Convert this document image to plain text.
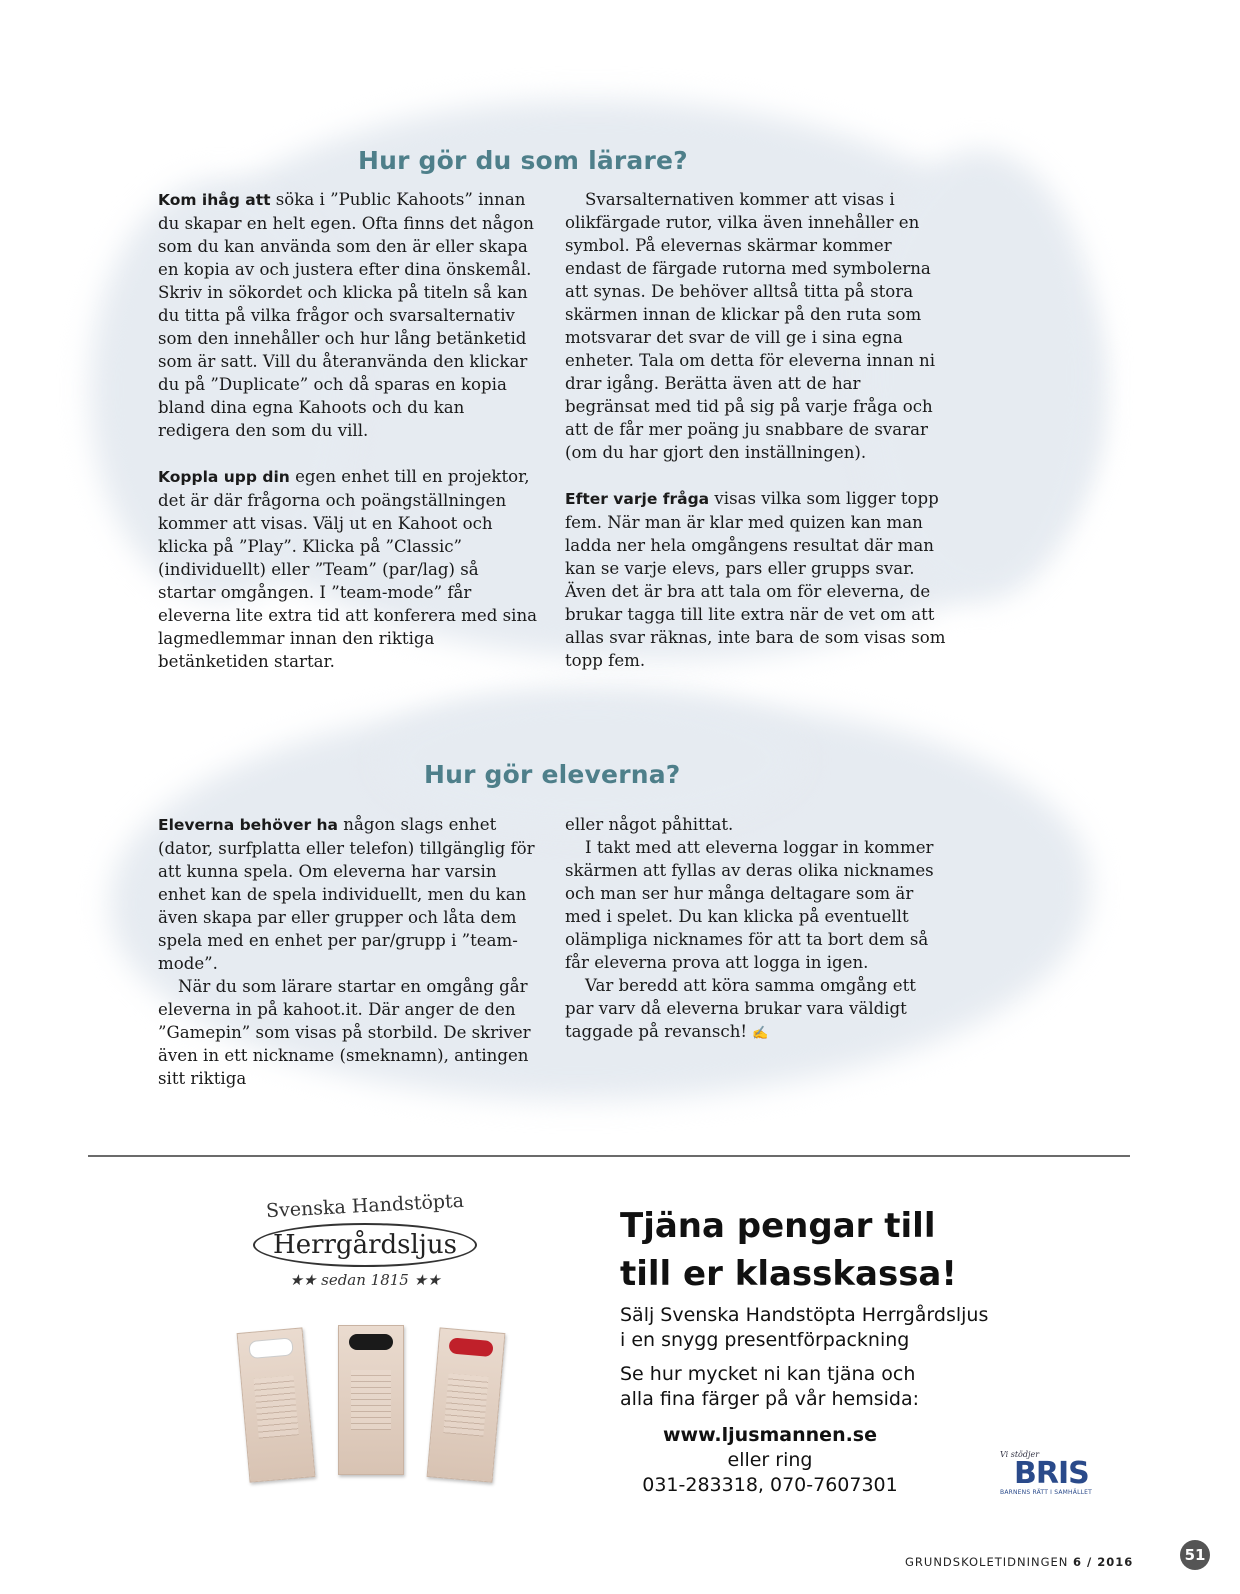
Hur gör du som lärare?

Kom ihåg att söka i ”Public Kahoots” innan du skapar en helt egen. Ofta finns det någon som du kan använda som den är eller skapa en kopia av och justera efter dina önskemål. Skriv in sökordet och klicka på titeln så kan du titta på vilka frågor och svarsalternativ som den innehåller och hur lång betänketid som är satt. Vill du återanvända den klickar du på ”Duplicate” och då sparas en kopia bland dina egna Kahoots och du kan redigera den som du vill.

Koppla upp din egen enhet till en projektor, det är där frågorna och poängställningen kommer att visas. Välj ut en Kahoot och klicka på ”Play”. Klicka på ”Classic” (individuellt) eller ”Team” (par/lag) så startar omgången. I ”team-mode” får eleverna lite extra tid att konferera med sina lagmedlemmar innan den riktiga betänketiden startar.

Svarsalternativen kommer att visas i olikfärgade rutor, vilka även innehåller en symbol. På elevernas skärmar kommer endast de färgade rutorna med symbolerna att synas. De behöver alltså titta på stora skärmen innan de klickar på den ruta som motsvarar det svar de vill ge i sina egna enheter. Tala om detta för eleverna innan ni drar igång. Berätta även att de har begränsat med tid på sig på varje fråga och att de får mer poäng ju snabbare de svarar (om du har gjort den inställningen).

Efter varje fråga visas vilka som ligger topp fem. När man är klar med quizen kan man ladda ner hela omgångens resultat där man kan se varje elevs, pars eller grupps svar. Även det är bra att tala om för eleverna, de brukar tagga till lite extra när de vet om att allas svar räknas, inte bara de som visas som topp fem.

Hur gör eleverna?

Eleverna behöver ha någon slags enhet (dator, surfplatta eller telefon) tillgänglig för att kunna spela. Om eleverna har varsin enhet kan de spela individuellt, men du kan även skapa par eller grupper och låta dem spela med en enhet per par/grupp i ”team-mode”.

När du som lärare startar en omgång går eleverna in på kahoot.it. Där anger de den ”Gamepin” som visas på storbild. De skriver även in ett nickname (smeknamn), antingen sitt riktiga

eller något påhittat.

I takt med att eleverna loggar in kommer skärmen att fyllas av deras olika nicknames och man ser hur många deltagare som är med i spelet. Du kan klicka på eventuellt olämpliga nicknames för att ta bort dem så får eleverna prova att logga in igen.

Var beredd att köra samma omgång ett par varv då eleverna brukar vara väldigt taggade på revansch! ✍

Svenska Handstöpta
Herrgårdsljus
★★ sedan 1815 ★★
Tjäna pengar till
till er klasskassa!
Sälj Svenska Handstöpta Herrgårdsljus
i en snygg presentförpackning
Se hur mycket ni kan tjäna och
alla fina färger på vår hemsida:
www.ljusmannen.se
eller ring
031-283318, 070-7607301
Vi stödjer
BRIS
BARNENS RÄTT I SAMHÄLLET
GRUNDSKOLETIDNINGEN 6 / 2016	51
